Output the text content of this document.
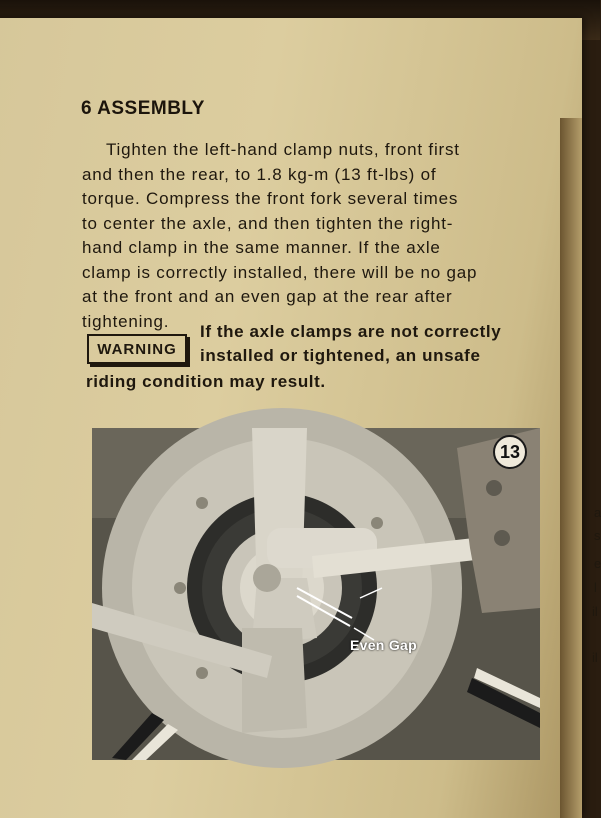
6 ASSEMBLY

Tighten the left-hand clamp nuts, front first
and then the rear, to 1.8 kg-m (13 ft-lbs) of
torque. Compress the front fork several times
to center the axle, and then tighten the right-
hand clamp in the same manner. If the axle
clamp is correctly installed, there will be no gap
at the front and an even gap at the rear after
tightening.

WARNING

If the axle clamps are not correctly
installed or tightened, an unsafe

riding condition may result.

13

Even Gap

a
s
e
l
il
il
